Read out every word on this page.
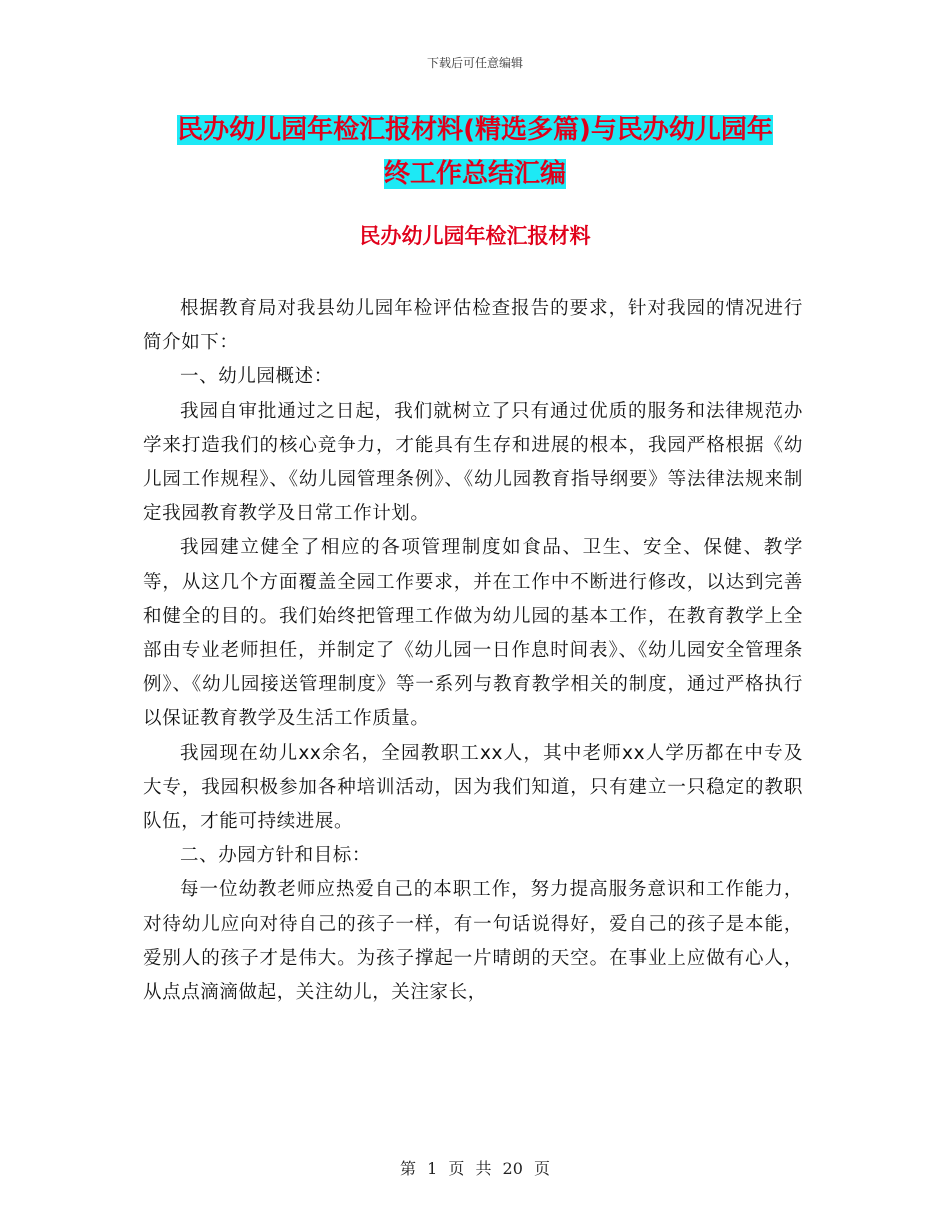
下载后可任意编辑
民办幼儿园年检汇报材料(精选多篇)与民办幼儿园年
终工作总结汇编
民办幼儿园年检汇报材料

根据教育局对我县幼儿园年检评估检查报告的要求，针对我园的情况进行简介如下：

一、幼儿园概述：

我园自审批通过之日起，我们就树立了只有通过优质的服务和法律规范办学来打造我们的核心竞争力，才能具有生存和进展的根本，我园严格根据《幼儿园工作规程》、《幼儿园管理条例》、《幼儿园教育指导纲要》等法律法规来制定我园教育教学及日常工作计划。

我园建立健全了相应的各项管理制度如食品、卫生、安全、保健、教学等，从这几个方面覆盖全园工作要求，并在工作中不断进行修改，以达到完善和健全的目的。我们始终把管理工作做为幼儿园的基本工作，在教育教学上全部由专业老师担任，并制定了《幼儿园一日作息时间表》、《幼儿园安全管理条例》、《幼儿园接送管理制度》等一系列与教育教学相关的制度，通过严格执行以保证教育教学及生活工作质量。

我园现在幼儿xx余名，全园教职工xx人，其中老师xx人学历都在中专及大专，我园积极参加各种培训活动，因为我们知道，只有建立一只稳定的教职队伍，才能可持续进展。

二、办园方针和目标：

每一位幼教老师应热爱自己的本职工作，努力提高服务意识和工作能力，对待幼儿应向对待自己的孩子一样，有一句话说得好，爱自己的孩子是本能，爱别人的孩子才是伟大。为孩子撑起一片晴朗的天空。在事业上应做有心人，从点点滴滴做起，关注幼儿，关注家长，

第 1 页 共 20 页
